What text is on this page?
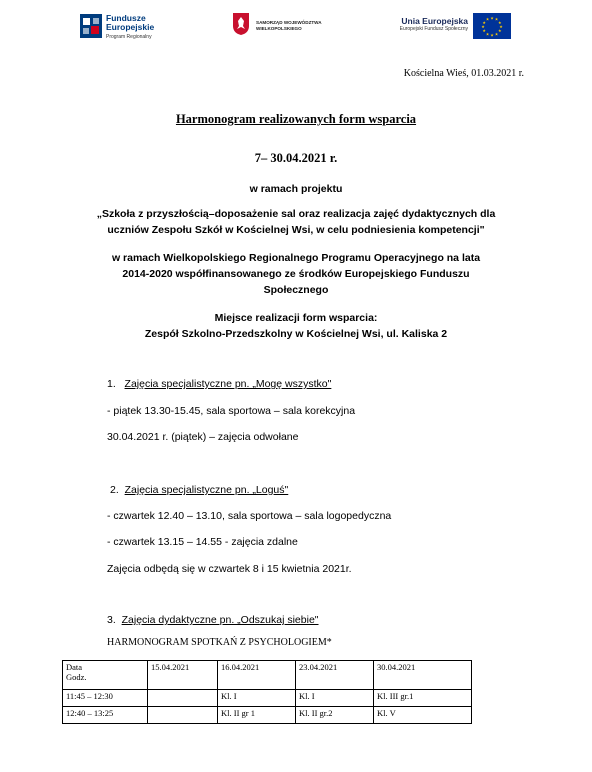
Fundusze
Europejskie
Program Regionalny
SAMORZĄD WOJEWÓDZTWA
WIELKOPOLSKIEGO
Unia Europejska
Europejski Fundusz Społeczny
★ ★
★
★
★
★
★
★
★
★
★
★
Kościelna Wieś, 01.03.2021 r.
Harmonogram realizowanych form wsparcia
7– 30.04.2021 r.
w ramach projektu
„Szkoła z przyszłością–doposażenie sal oraz realizacja zajęć dydaktycznych dla
uczniów Zespołu Szkół w Kościelnej Wsi, w celu podniesienia kompetencji"
w ramach Wielkopolskiego Regionalnego Programu Operacyjnego na lata
2014-2020 współfinansowanego ze środków Europejskiego Funduszu
Społecznego
Miejsce realizacji form wsparcia:
Zespół Szkolno-Przedszkolny w Kościelnej Wsi, ul. Kaliska 2
1. Zajęcia specjalistyczne pn. „Mogę wszystko"
- piątek 13.30-15.45, sala sportowa – sala korekcyjna
30.04.2021 r. (piątek) – zajęcia odwołane
2. Zajęcia specjalistyczne pn. „Loguś"
- czwartek 12.40 – 13.10, sala sportowa – sala logopedyczna
- czwartek 13.15 – 14.55 - zajęcia zdalne
Zajęcia odbędą się w czwartek 8 i 15 kwietnia 2021r.
3. Zajęcia dydaktyczne pn. „Odszukaj siebie"
HARMONOGRAM SPOTKAŃ Z PSYCHOLOGIEM*
Data
Godz.	15.04.2021	16.04.2021	23.04.2021	30.04.2021
11:45 – 12:30		Kl. I	Kl. I	Kl. III gr.1
12:40 – 13:25		Kl. II gr 1	Kl. II gr.2	Kl. V
